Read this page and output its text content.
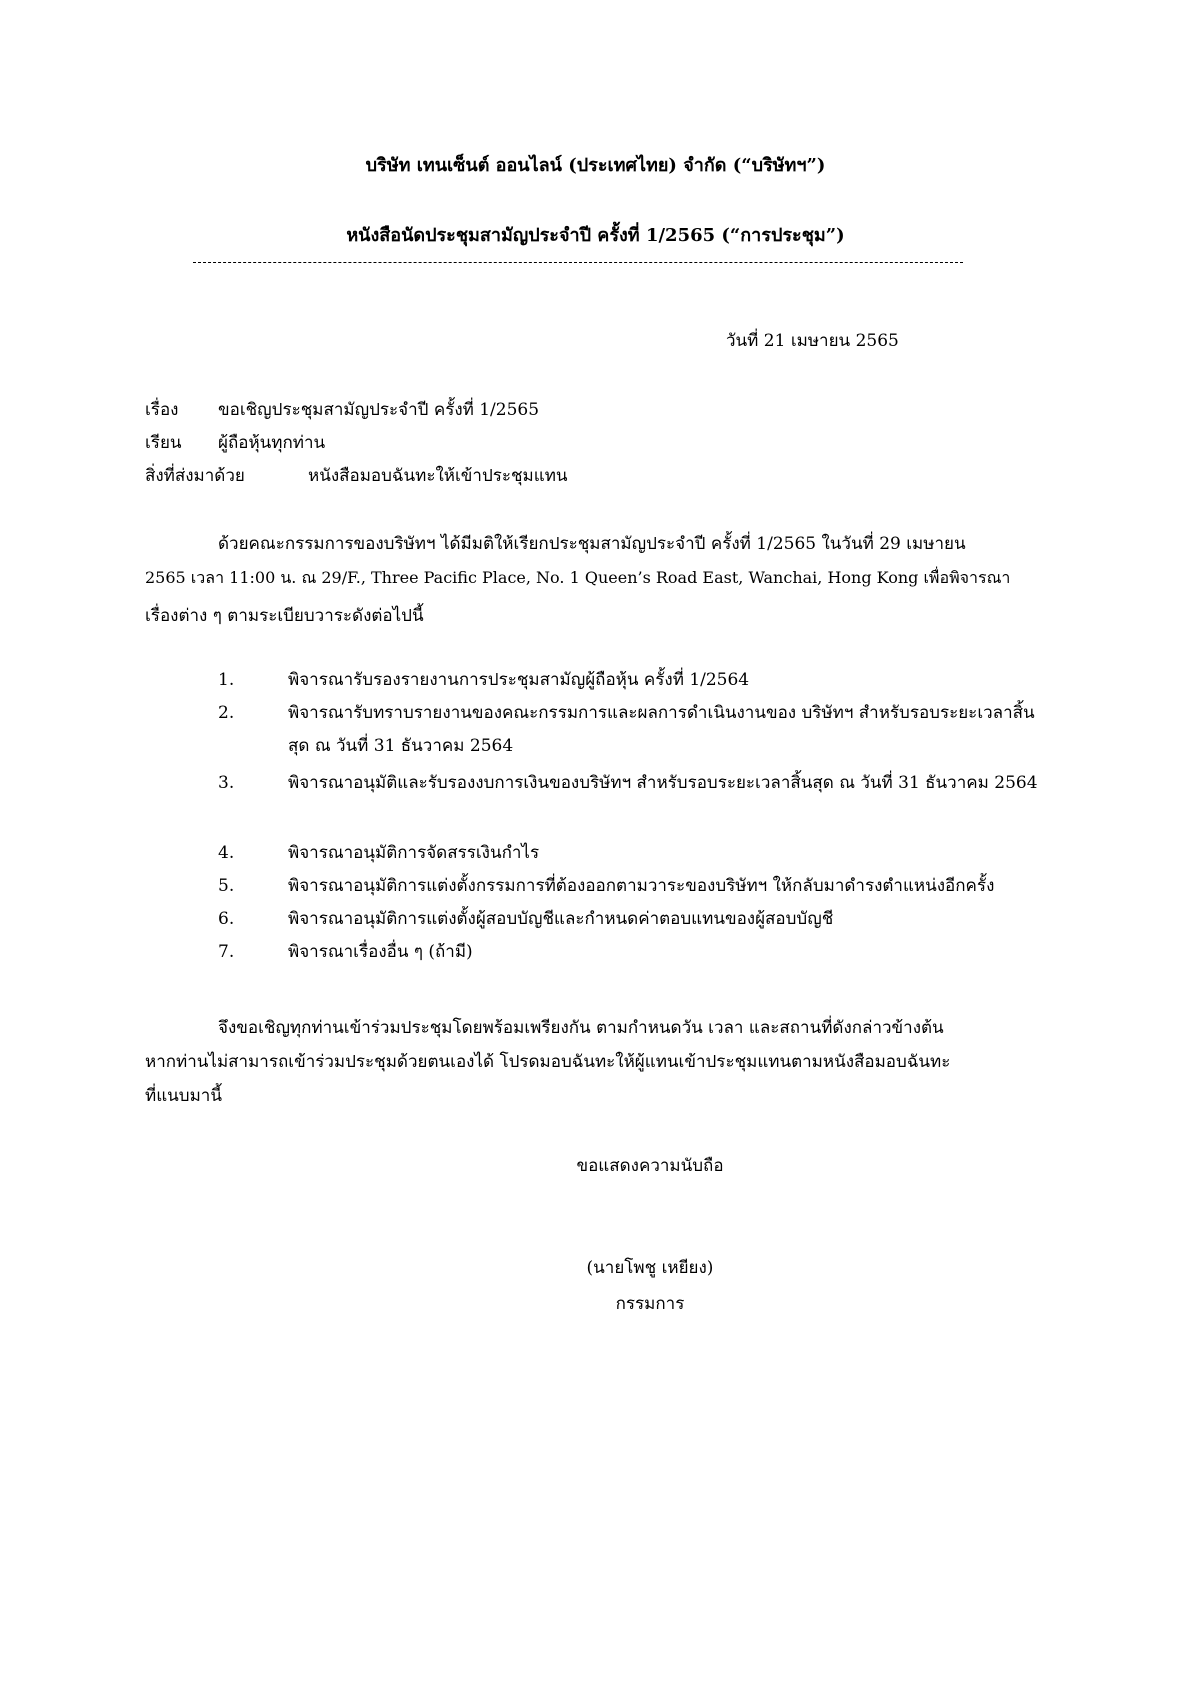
บริษัท เทนเซ็นต์ ออนไลน์ (ประเทศไทย) จำกัด (“บริษัทฯ”)
หนังสือนัดประชุมสามัญประจำปี ครั้งที่ 1/2565 (“การประชุม”)
วันที่ 21 เมษายน 2565
เรื่อง ขอเชิญประชุมสามัญประจำปี ครั้งที่ 1/2565
เรียน ผู้ถือหุ้นทุกท่าน
สิ่งที่ส่งมาด้วย	หนังสือมอบฉันทะให้เข้าประชุมแทน
ด้วยคณะกรรมการของบริษัทฯ ได้มีมติให้เรียกประชุมสามัญประจำปี ครั้งที่ 1/2565 ในวันที่ 29 เมษายน
2565 เวลา 11:00 น. ณ 29/F., Three Pacific Place, No. 1 Queen’s Road East, Wanchai, Hong Kong เพื่อพิจารณา
เรื่องต่าง ๆ ตามระเบียบวาระดังต่อไปนี้
1.	พิจารณารับรองรายงานการประชุมสามัญผู้ถือหุ้น ครั้งที่ 1/2564
2.	พิจารณารับทราบรายงานของคณะกรรมการและผลการดำเนินงานของ บริษัทฯ สำหรับรอบระยะเวลาสิ้นสุด ณ วันที่ 31 ธันวาคม 2564
3.	พิจารณาอนุมัติและรับรองงบการเงินของบริษัทฯ สำหรับรอบระยะเวลาสิ้นสุด ณ วันที่ 31 ธันวาคม 2564
4.	พิจารณาอนุมัติการจัดสรรเงินกำไร
5.	พิจารณาอนุมัติการแต่งตั้งกรรมการที่ต้องออกตามวาระของบริษัทฯ ให้กลับมาดำรงตำแหน่งอีกครั้ง
6.	พิจารณาอนุมัติการแต่งตั้งผู้สอบบัญชีและกำหนดค่าตอบแทนของผู้สอบบัญชี
7.	พิจารณาเรื่องอื่น ๆ (ถ้ามี)
จึงขอเชิญทุกท่านเข้าร่วมประชุมโดยพร้อมเพรียงกัน ตามกำหนดวัน เวลา และสถานที่ดังกล่าวข้างต้น
หากท่านไม่สามารถเข้าร่วมประชุมด้วยตนเองได้ โปรดมอบฉันทะให้ผู้แทนเข้าประชุมแทนตามหนังสือมอบฉันทะ
ที่แนบมานี้
ขอแสดงความนับถือ
(นายโพชู เหยียง)
กรรมการ
